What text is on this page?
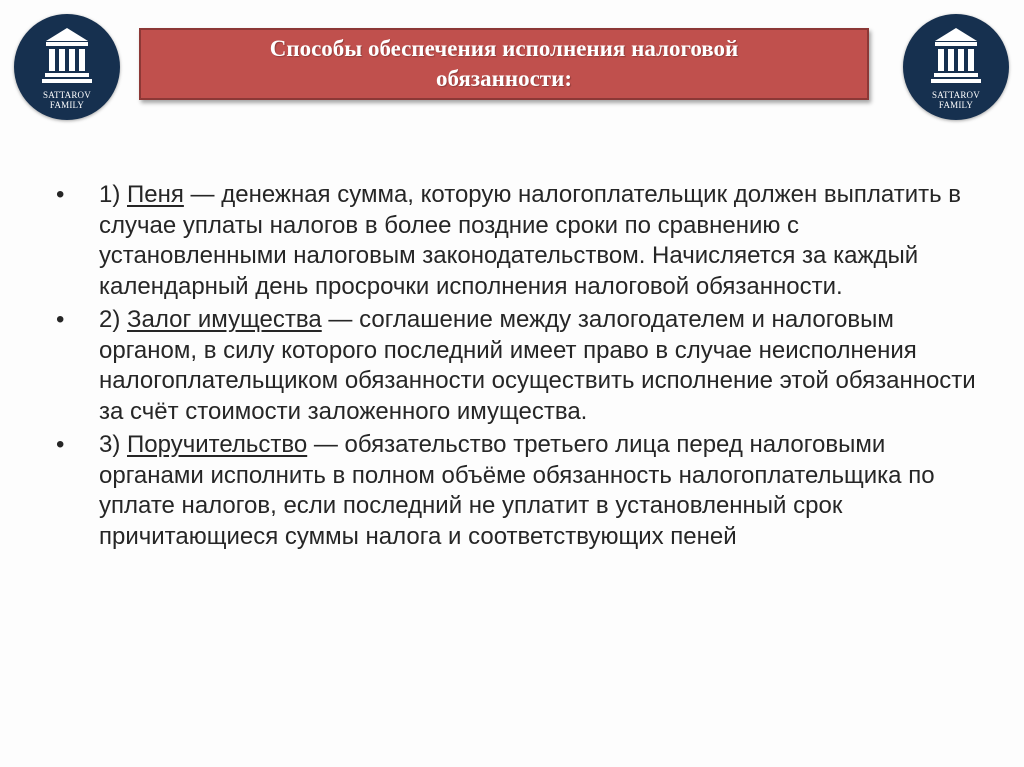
SATTAROV
FAMILY
SATTAROV
FAMILY
Способы обеспечения исполнения налоговой обязанности:
• 1) Пеня — денежная сумма, которую налогоплательщик должен выплатить в случае уплаты налогов в более поздние сроки по сравнению с установленными налоговым законодательством. Начисляется за каждый календарный день просрочки исполнения налоговой обязанности.
• 2) Залог имущества — соглашение между залогодателем и налоговым органом, в силу которого последний имеет право в случае неисполнения налогоплательщиком обязанности осуществить исполнение этой обязанности за счёт стоимости заложенного имущества.
• 3) Поручительство — обязательство третьего лица перед налоговыми органами исполнить в полном объёме обязанность налогоплательщика по уплате налогов, если последний не уплатит в установленный срок причитающиеся суммы налога и соответствующих пеней
